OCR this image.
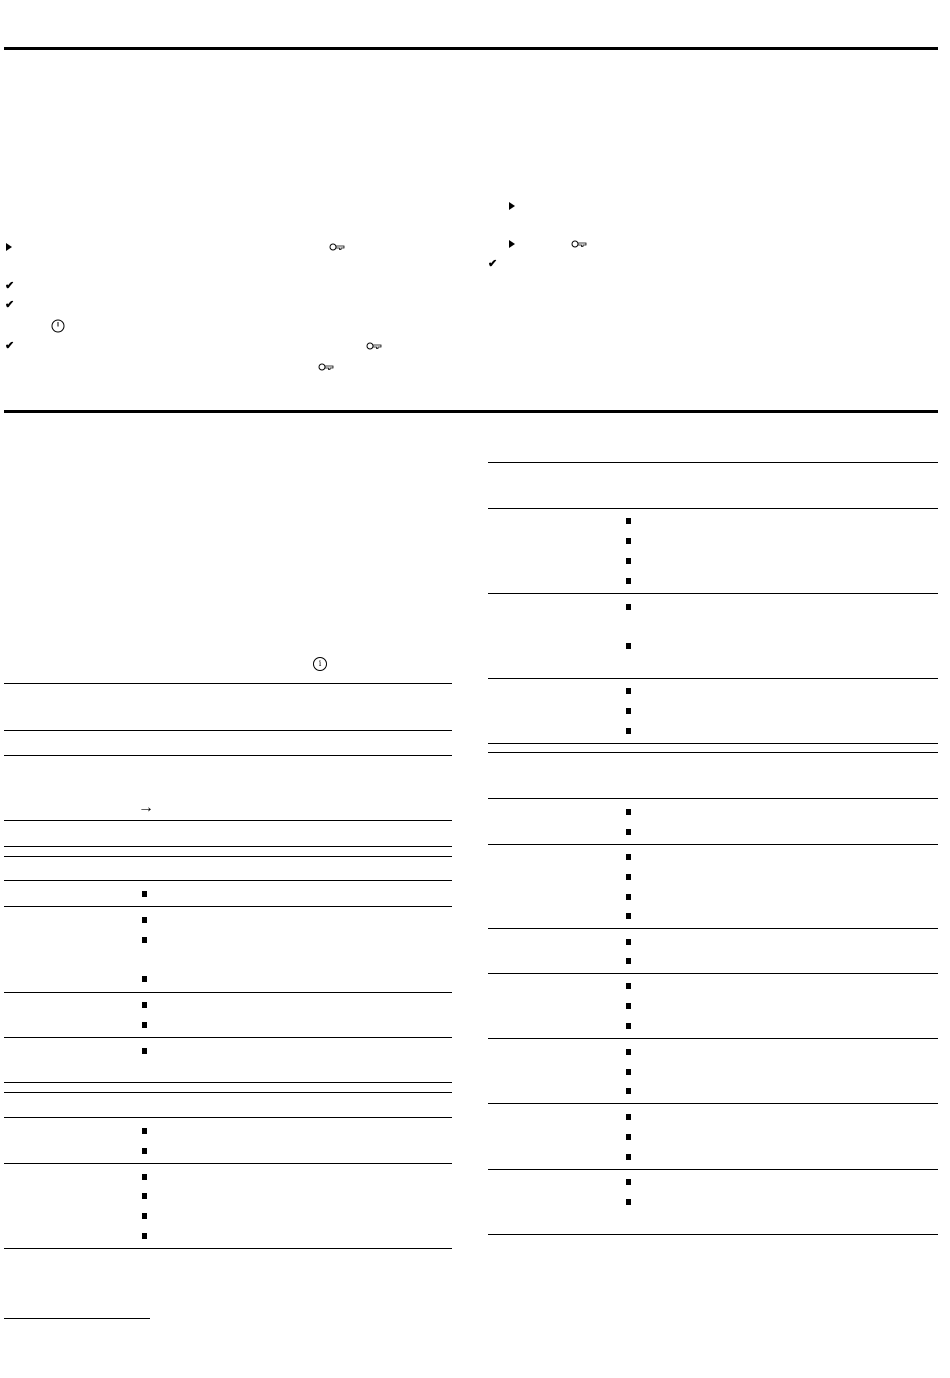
✔
✔
✔
✔
i
→
